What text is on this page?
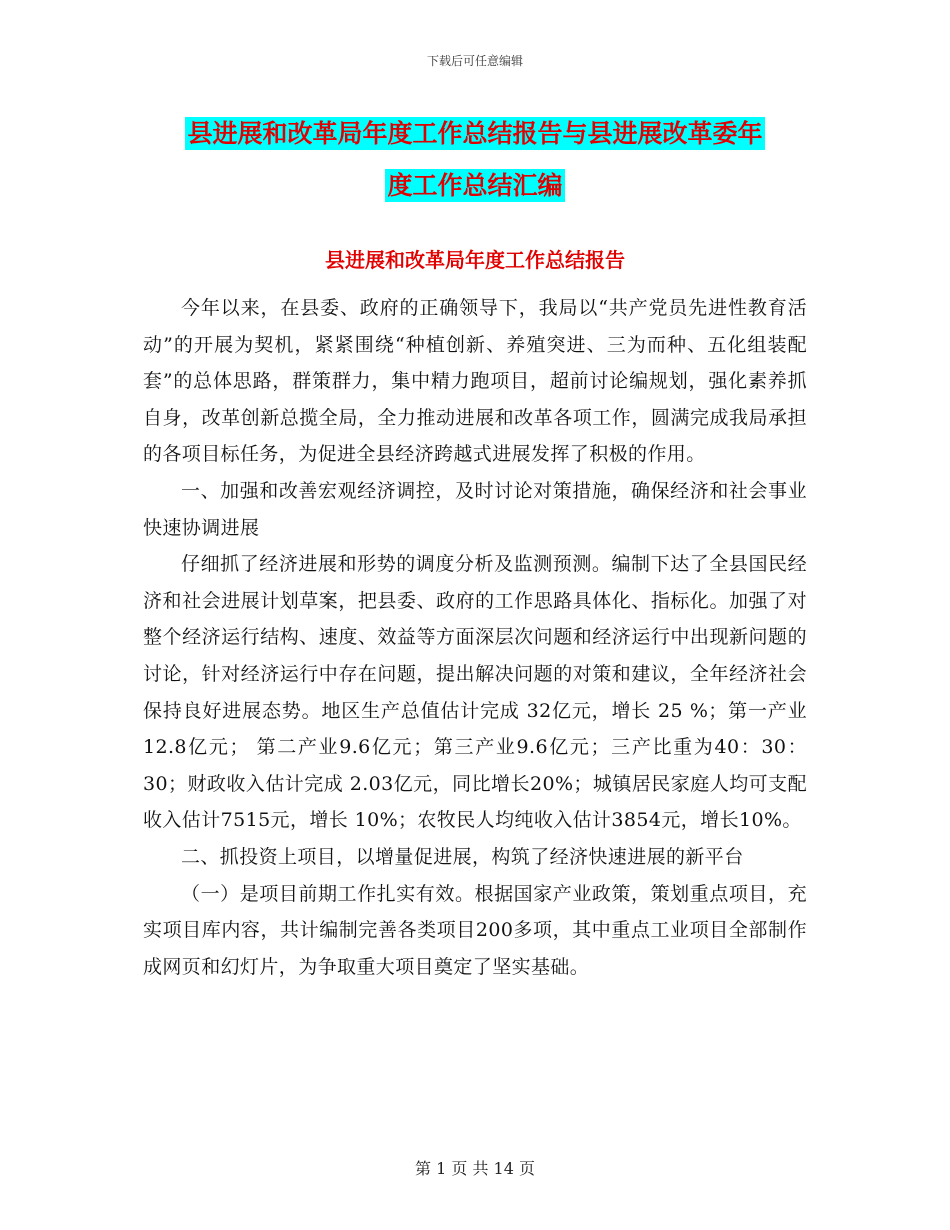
下载后可任意编辑
县进展和改革局年度工作总结报告与县进展改革委年
度工作总结汇编
县进展和改革局年度工作总结报告

今年以来，在县委、政府的正确领导下，我局以“共产党员先进性教育活动”的开展为契机，紧紧围绕“种植创新、养殖突进、三为而种、五化组装配套”的总体思路，群策群力，集中精力跑项目，超前讨论编规划，强化素养抓自身，改革创新总揽全局，全力推动进展和改革各项工作，圆满完成我局承担的各项目标任务，为促进全县经济跨越式进展发挥了积极的作用。

一、加强和改善宏观经济调控，及时讨论对策措施，确保经济和社会事业快速协调进展

仔细抓了经济进展和形势的调度分析及监测预测。编制下达了全县国民经济和社会进展计划草案，把县委、政府的工作思路具体化、指标化。加强了对整个经济运行结构、速度、效益等方面深层次问题和经济运行中出现新问题的讨论，针对经济运行中存在问题，提出解决问题的对策和建议，全年经济社会保持良好进展态势。地区生产总值估计完成 32亿元，增长 25 %；第一产业 12.8亿元； 第二产业9.6亿元；第三产业9.6亿元；三产比重为40：30：30；财政收入估计完成 2.03亿元，同比增长20%；城镇居民家庭人均可支配收入估计7515元，增长 10%；农牧民人均纯收入估计3854元，增长10%。

二、抓投资上项目，以增量促进展，构筑了经济快速进展的新平台

（一）是项目前期工作扎实有效。根据国家产业政策，策划重点项目，充实项目库内容，共计编制完善各类项目200多项，其中重点工业项目全部制作成网页和幻灯片，为争取重大项目奠定了坚实基础。

第 1 页 共 14 页
